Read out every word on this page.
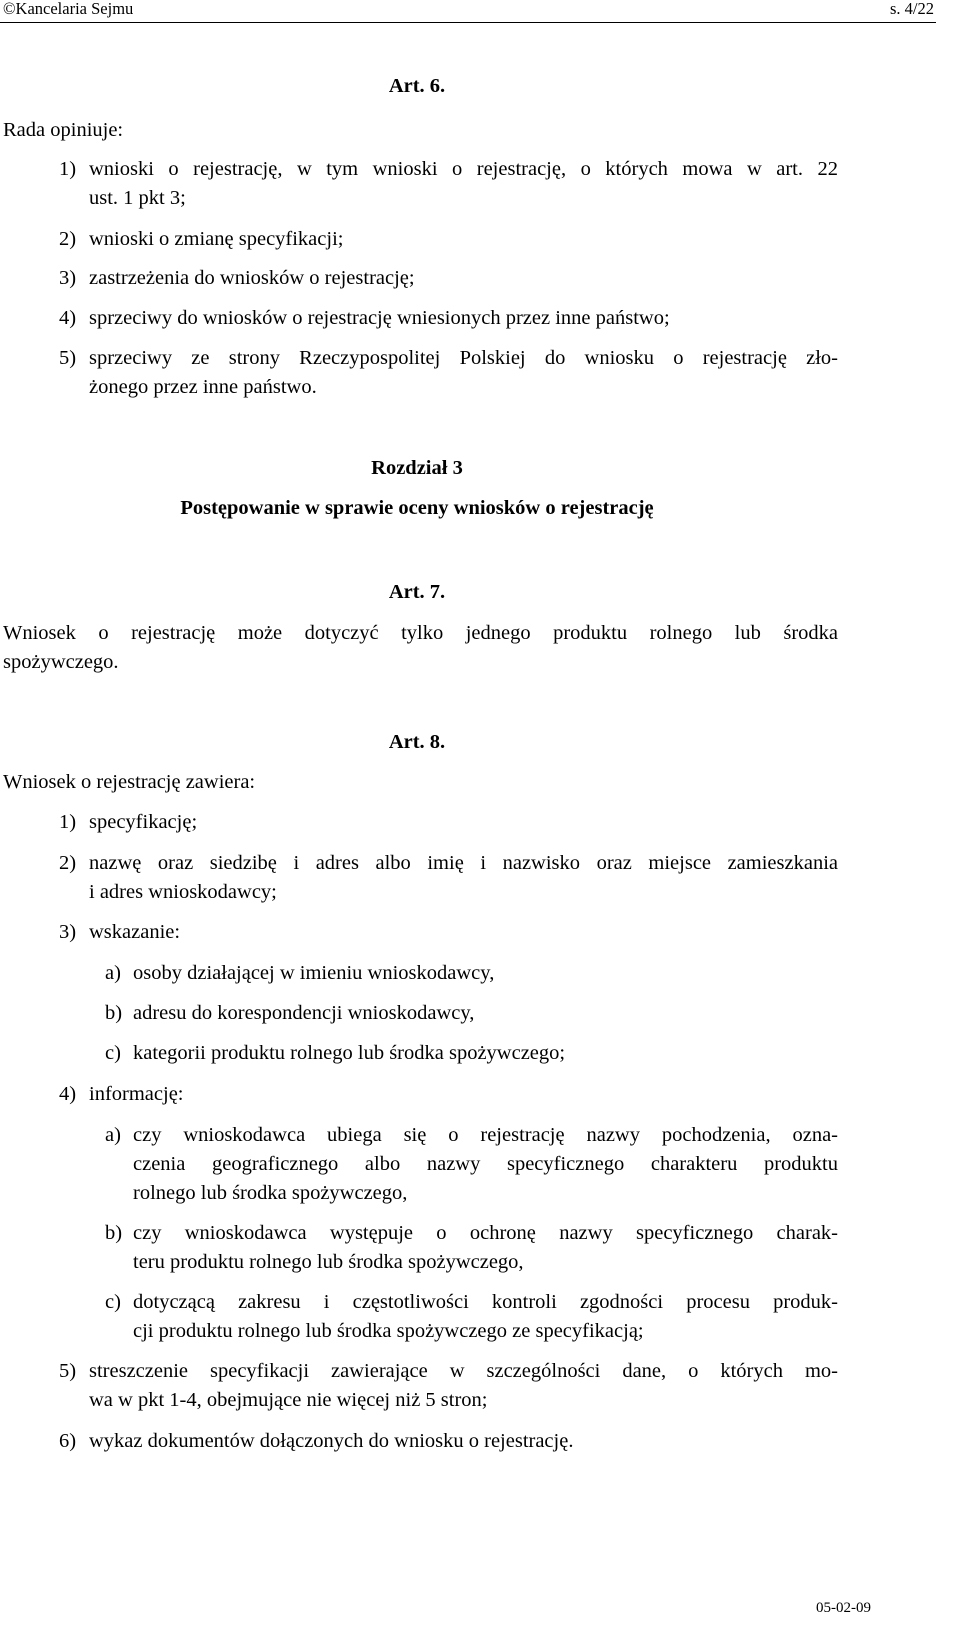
©Kancelaria Sejmu	s. 4/22
Art. 6.
Rada opiniuje:
1) wnioski o rejestrację, w tym wnioski o rejestrację, o których mowa w art. 22
ust. 1 pkt 3;
2) wnioski o zmianę specyfikacji;
3) zastrzeżenia do wniosków o rejestrację;
4) sprzeciwy do wniosków o rejestrację wniesionych przez inne państwo;
5) sprzeciwy ze strony Rzeczypospolitej Polskiej do wniosku o rejestrację zło-
żonego przez inne państwo.
Rozdział 3
Postępowanie w sprawie oceny wniosków o rejestrację
Art. 7.
Wniosek o rejestrację może dotyczyć tylko jednego produktu rolnego lub środka
spożywczego.
Art. 8.
Wniosek o rejestrację zawiera:
1) specyfikację;
2) nazwę oraz siedzibę i adres albo imię i nazwisko oraz miejsce zamieszkania
i adres wnioskodawcy;
3) wskazanie:
a) osoby działającej w imieniu wnioskodawcy,
b) adresu do korespondencji wnioskodawcy,
c) kategorii produktu rolnego lub środka spożywczego;
4) informację:
a) czy wnioskodawca ubiega się o rejestrację nazwy pochodzenia, ozna-
czenia geograficznego albo nazwy specyficznego charakteru produktu
rolnego lub środka spożywczego,
b) czy wnioskodawca występuje o ochronę nazwy specyficznego charak-
teru produktu rolnego lub środka spożywczego,
c) dotyczącą zakresu i częstotliwości kontroli zgodności procesu produk-
cji produktu rolnego lub środka spożywczego ze specyfikacją;
5) streszczenie specyfikacji zawierające w szczególności dane, o których mo-
wa w pkt 1-4, obejmujące nie więcej niż 5 stron;
6) wykaz dokumentów dołączonych do wniosku o rejestrację.
05-02-09
